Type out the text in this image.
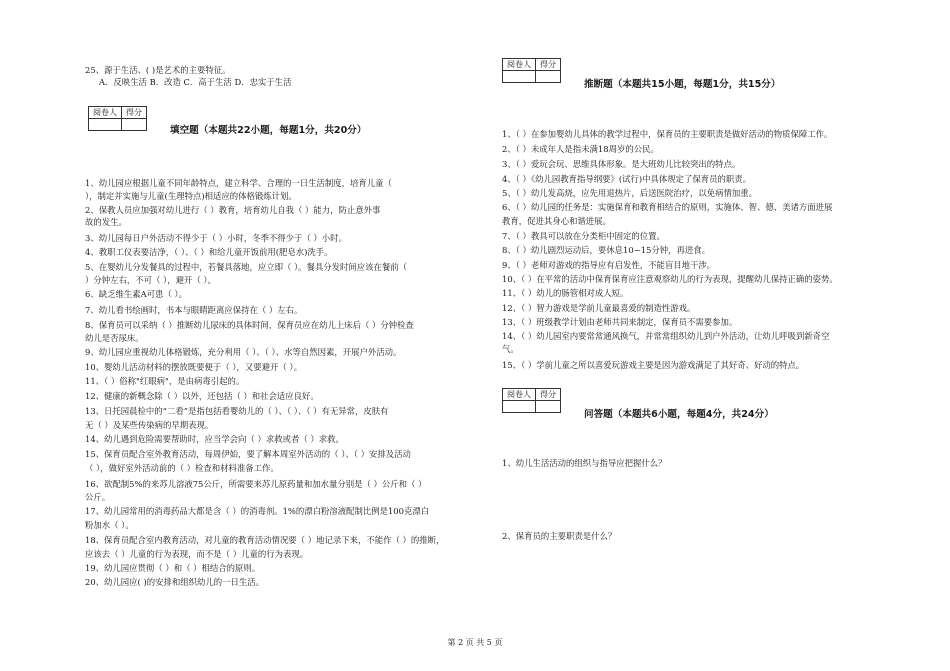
25、源于生活、( )是艺术的主要特征。
A．反映生活 B．改造 C．高于生活 D．忠实于生活
阅卷人	得分

填空题（本题共22小题，每题1分，共20分）
1、幼儿园应根据儿童不同年龄特点，建立科学、合理的一日生活制度，培育儿童（
），制定并实施与儿童(生理特点)相适应的体格锻炼计划。
2、保教人员应加强对幼儿进行（ ）教育，培育幼儿自我（ ）能力，防止意外事
故的发生。
3、幼儿园每日户外活动不得少于（ ）小时，冬季不得少于（ ）小时。
4、教职工仪表要洁净，（ ）、（ ）和给儿童开饭前用(肥皂水)洗手。
5、在婴幼儿分发餐具的过程中，若餐具落地，应立即（ ）。餐具分发时间应该在餐前（
）分钟左右，不可（ ），避开（ ）。
6、缺乏维生素A可患（ ）。
7、幼儿看书绘画时，书本与眼睛距离应保持在（ ）左右。
8、保育员可以采纳（ ）推断幼儿尿床的具体时间，保育员应在幼儿上床后（ ）分钟检查
幼儿是否尿床。
9、幼儿园应重视幼儿体格锻炼，充分利用（ ）、（ ）、水等自然因素，开展户外活动。
10、婴幼儿活动材料的摆放既要便于（ ），又要避开（ ）。
11、（ ）俗称"红眼病"，是由病毒引起的。
12、健康的新概念除（ ）以外，还包括（ ）和社会适应良好。
13、日托园晨检中的“二看”是指包括看婴幼儿的（ ）、（ ）、（ ）有无异常，皮肤有
无（ ）及某些传染病的早期表现。
14、幼儿遇到危险需要帮助时，应当学会向（ ）求救或者（ ）求救。
15、保育员配合室外教育活动，每周伊始，要了解本周室外活动的（ ）、（ ）安排及活动
（ ），做好室外活动前的（ ）检查和材料准备工作。
16、欲配制5%的来苏儿溶液75公斤，所需要来苏儿原药量和加水量分别是（ ）公斤和（ ）
公斤。
17、幼儿园常用的消毒药品大都是含（ ）的消毒剂。1%的漂白粉溶液配制比例是100克漂白
粉加水（ ）。
18、保育员配合室内教育活动，对儿童的教育活动情况要（ ）地记录下来，不能作（ ）的推断，
应该去（ ）儿童的行为表现，而不是（ ）儿童的行为表现。
19、幼儿园应贯彻（ ）和（ ）相结合的原则。
20、幼儿园应( )的安排和组织幼儿的一日生活。
阅卷人	得分

推断题（本题共15小题，每题1分，共15分）
1、（ ）在参加婴幼儿具体的教学过程中，保育员的主要职责是做好活动的物质保障工作。
2、（ ）未成年人是指未满18周岁的公民。
3、（ ）爱玩会玩、思维具体形象。是大班幼儿比较突出的特点。
4、（ ）《幼儿园教育指导纲要》(试行)中具体规定了保育员的职责。
5、（ ）幼儿发高烧，应先用退热片，后送医院治疗，以免病情加重。
6、（ ）幼儿园的任务是：实施保育和教育相结合的原则，实施体、智、德、美诸方面进展
教育，促进其身心和谐进展。
7、（ ）教具可以放在分类柜中固定的位置。
8、（ ）幼儿剧烈运动后，要休息10~15分钟，再进食。
9、（ ）老师对游戏的指导应有启发性，不能盲目地干涉。
10、（ ）在平常的活动中保育保育应注意观察幼儿的行为表现，提醒幼儿保持正确的姿势。
11、（ ）幼儿的肠管相对成人短。
12、（ ）智力游戏是学前儿童最喜爱的制造性游戏。
13、（ ）班级教学计划由老师共同来制定，保育员不需要参加。
14、（ ）幼儿园室内要常常通风换气，并常常组织幼儿到户外活动，让幼儿呼吸到新奇空
气。
15、（ ）学前儿童之所以喜爱玩游戏主要是因为游戏满足了其好奇、好动的特点。
阅卷人	得分

问答题（本题共6小题，每题4分，共24分）
1、幼儿生活活动的组织与指导应把握什么？
2、保育员的主要职责是什么？
第 2 页 共 5 页
